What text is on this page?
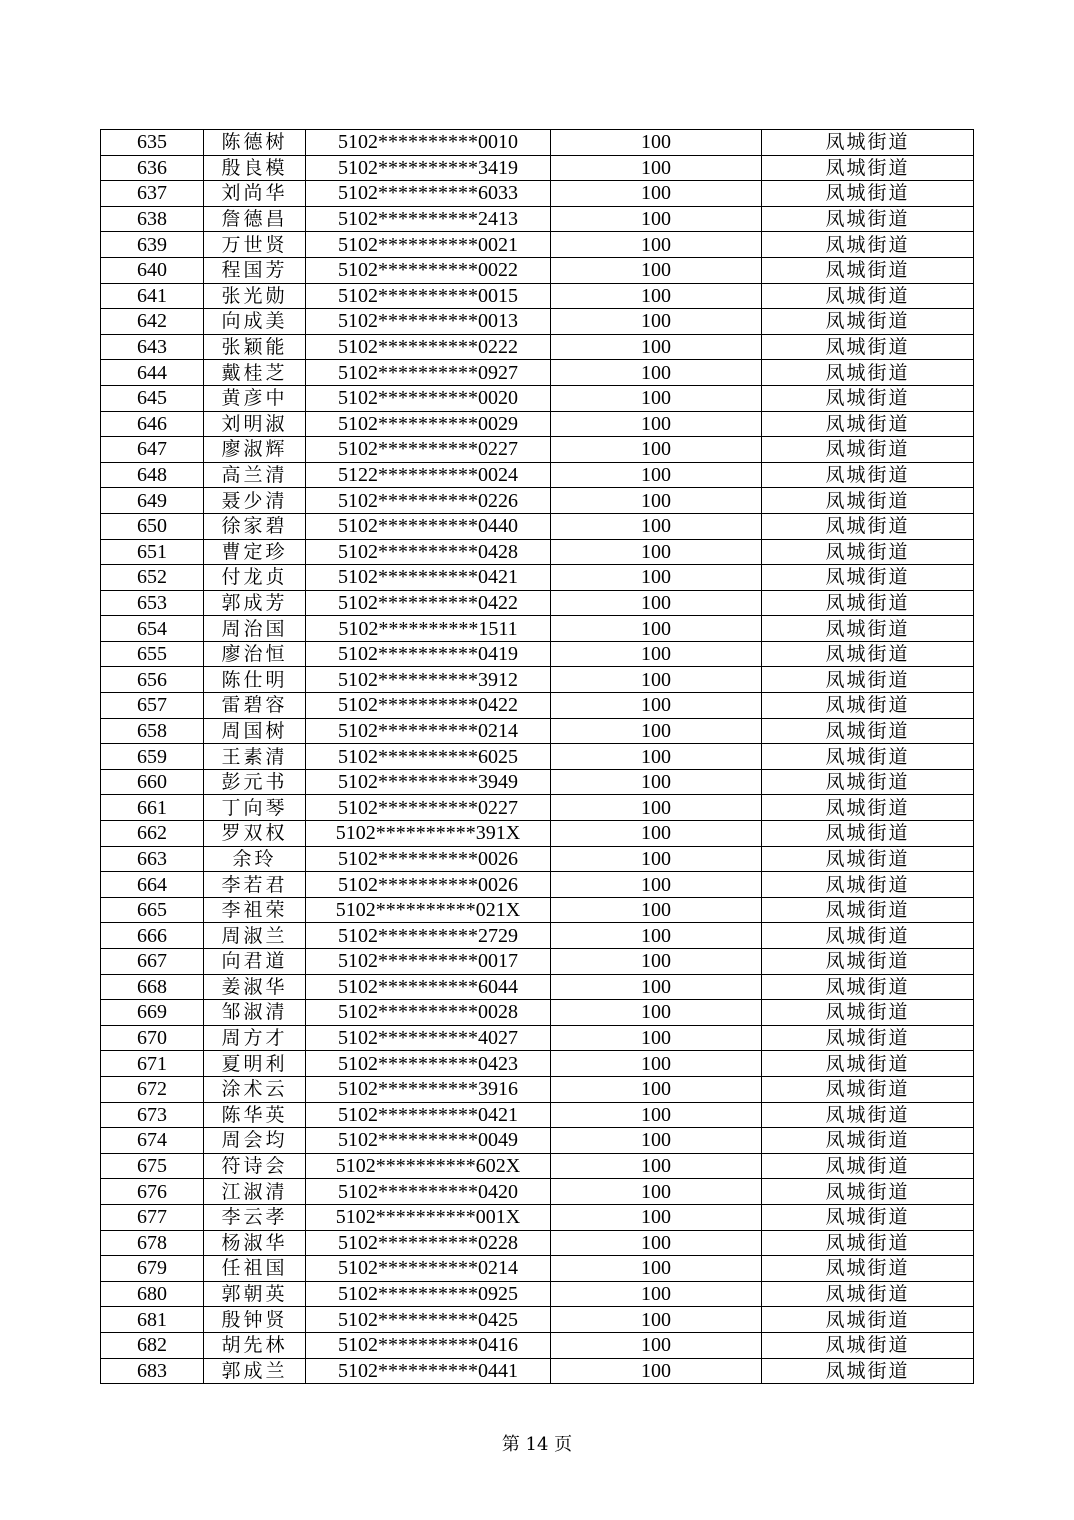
635	陈德树	5102**********0010	100	凤城街道
636	殷良模	5102**********3419	100	凤城街道
637	刘尚华	5102**********6033	100	凤城街道
638	詹德昌	5102**********2413	100	凤城街道
639	万世贤	5102**********0021	100	凤城街道
640	程国芳	5102**********0022	100	凤城街道
641	张光勋	5102**********0015	100	凤城街道
642	向成美	5102**********0013	100	凤城街道
643	张颖能	5102**********0222	100	凤城街道
644	戴桂芝	5102**********0927	100	凤城街道
645	黄彦中	5102**********0020	100	凤城街道
646	刘明淑	5102**********0029	100	凤城街道
647	廖淑辉	5102**********0227	100	凤城街道
648	高兰清	5122**********0024	100	凤城街道
649	聂少清	5102**********0226	100	凤城街道
650	徐家碧	5102**********0440	100	凤城街道
651	曹定珍	5102**********0428	100	凤城街道
652	付龙贞	5102**********0421	100	凤城街道
653	郭成芳	5102**********0422	100	凤城街道
654	周治国	5102**********1511	100	凤城街道
655	廖治恒	5102**********0419	100	凤城街道
656	陈仕明	5102**********3912	100	凤城街道
657	雷碧容	5102**********0422	100	凤城街道
658	周国树	5102**********0214	100	凤城街道
659	王素清	5102**********6025	100	凤城街道
660	彭元书	5102**********3949	100	凤城街道
661	丁向琴	5102**********0227	100	凤城街道
662	罗双权	5102**********391X	100	凤城街道
663	余玲	5102**********0026	100	凤城街道
664	李若君	5102**********0026	100	凤城街道
665	李祖荣	5102**********021X	100	凤城街道
666	周淑兰	5102**********2729	100	凤城街道
667	向君道	5102**********0017	100	凤城街道
668	姜淑华	5102**********6044	100	凤城街道
669	邹淑清	5102**********0028	100	凤城街道
670	周方才	5102**********4027	100	凤城街道
671	夏明利	5102**********0423	100	凤城街道
672	涂术云	5102**********3916	100	凤城街道
673	陈华英	5102**********0421	100	凤城街道
674	周会均	5102**********0049	100	凤城街道
675	符诗会	5102**********602X	100	凤城街道
676	江淑清	5102**********0420	100	凤城街道
677	李云孝	5102**********001X	100	凤城街道
678	杨淑华	5102**********0228	100	凤城街道
679	任祖国	5102**********0214	100	凤城街道
680	郭朝英	5102**********0925	100	凤城街道
681	殷钟贤	5102**********0425	100	凤城街道
682	胡先林	5102**********0416	100	凤城街道
683	郭成兰	5102**********0441	100	凤城街道
第 14 页
